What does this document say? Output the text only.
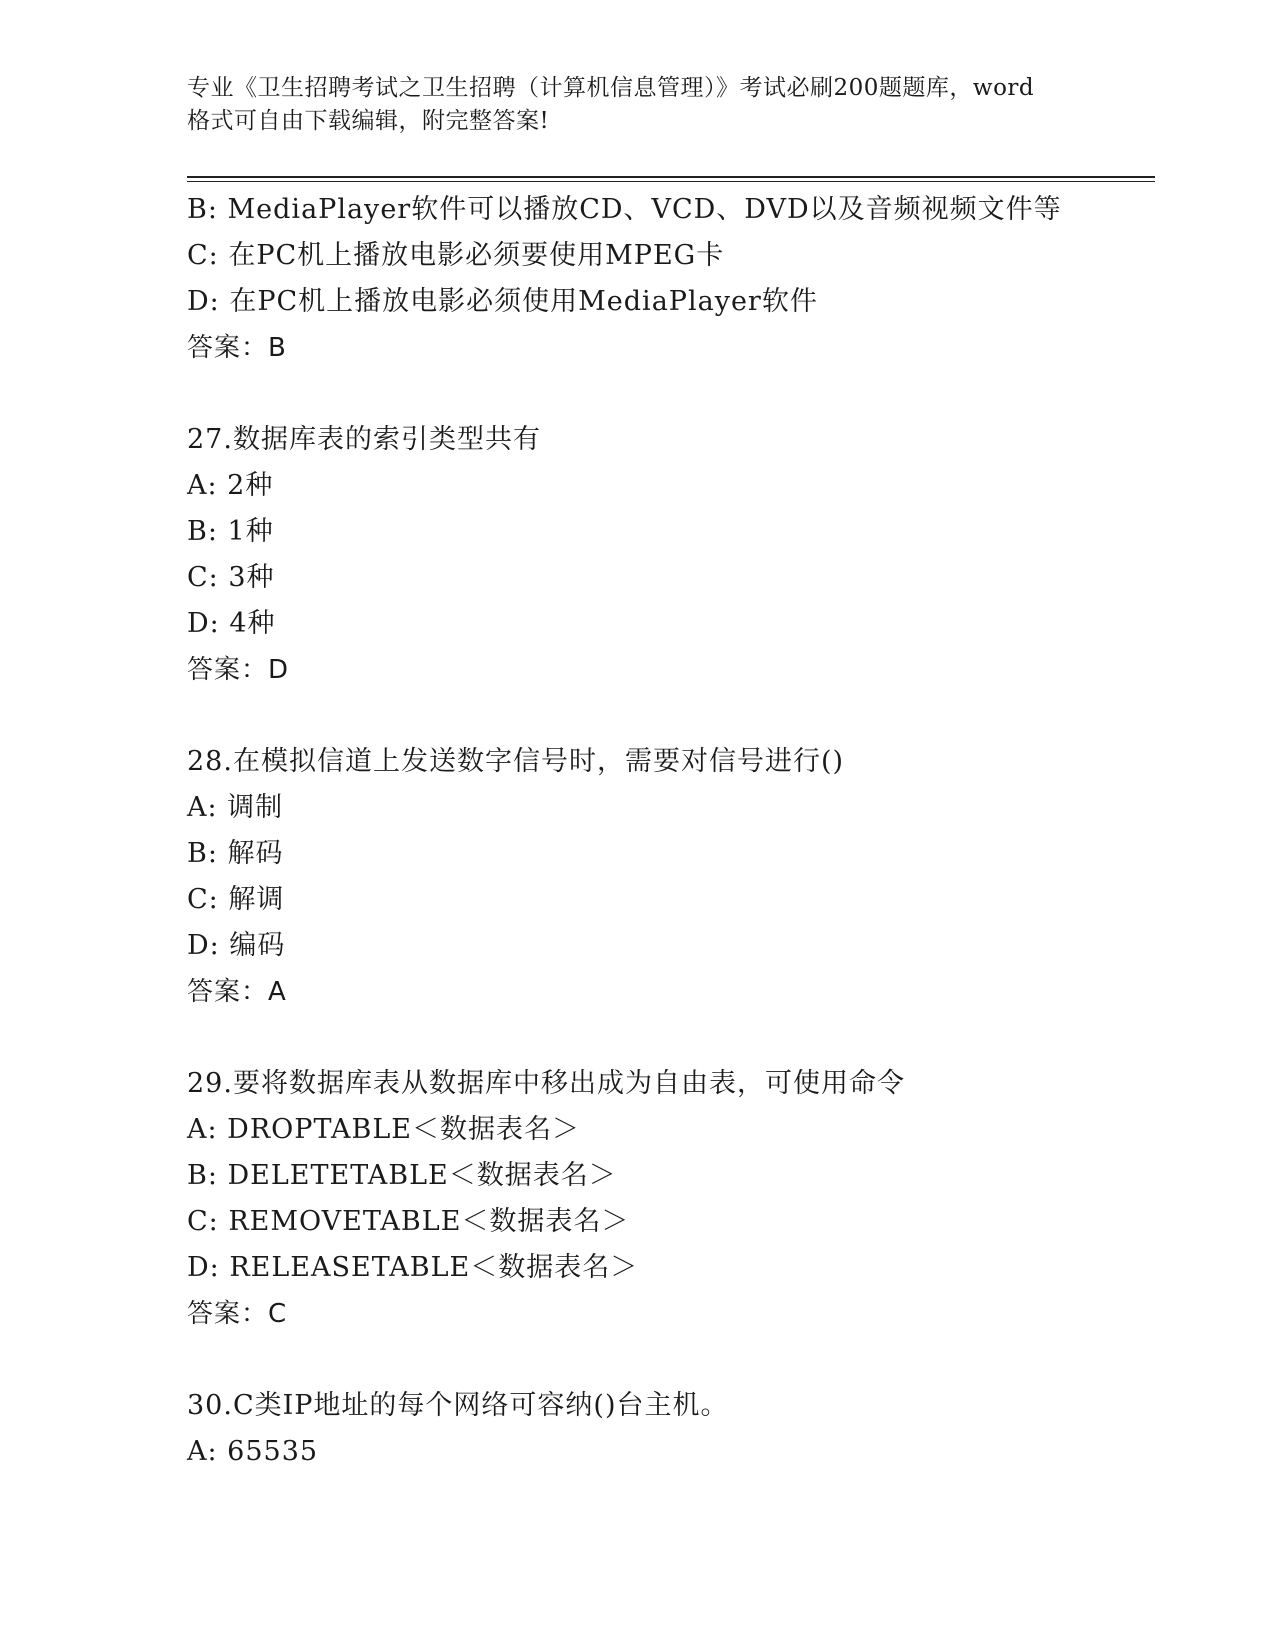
专业《卫生招聘考试之卫生招聘（计算机信息管理）》考试必刷200题题库，word
格式可自由下载编辑，附完整答案!
B: MediaPlayer软件可以播放CD、VCD、DVD以及音频视频文件等
C: 在PC机上播放电影必须要使用MPEG卡
D: 在PC机上播放电影必须使用MediaPlayer软件
答案：B
27.数据库表的索引类型共有
A: 2种
B: 1种
C: 3种
D: 4种
答案：D
28.在模拟信道上发送数字信号时，需要对信号进行()
A: 调制
B: 解码
C: 解调
D: 编码
答案：A
29.要将数据库表从数据库中移出成为自由表，可使用命令
A: DROPTABLE＜数据表名＞
B: DELETETABLE＜数据表名＞
C: REMOVETABLE＜数据表名＞
D: RELEASETABLE＜数据表名＞
答案：C
30.C类IP地址的每个网络可容纳()台主机。
A: 65535
